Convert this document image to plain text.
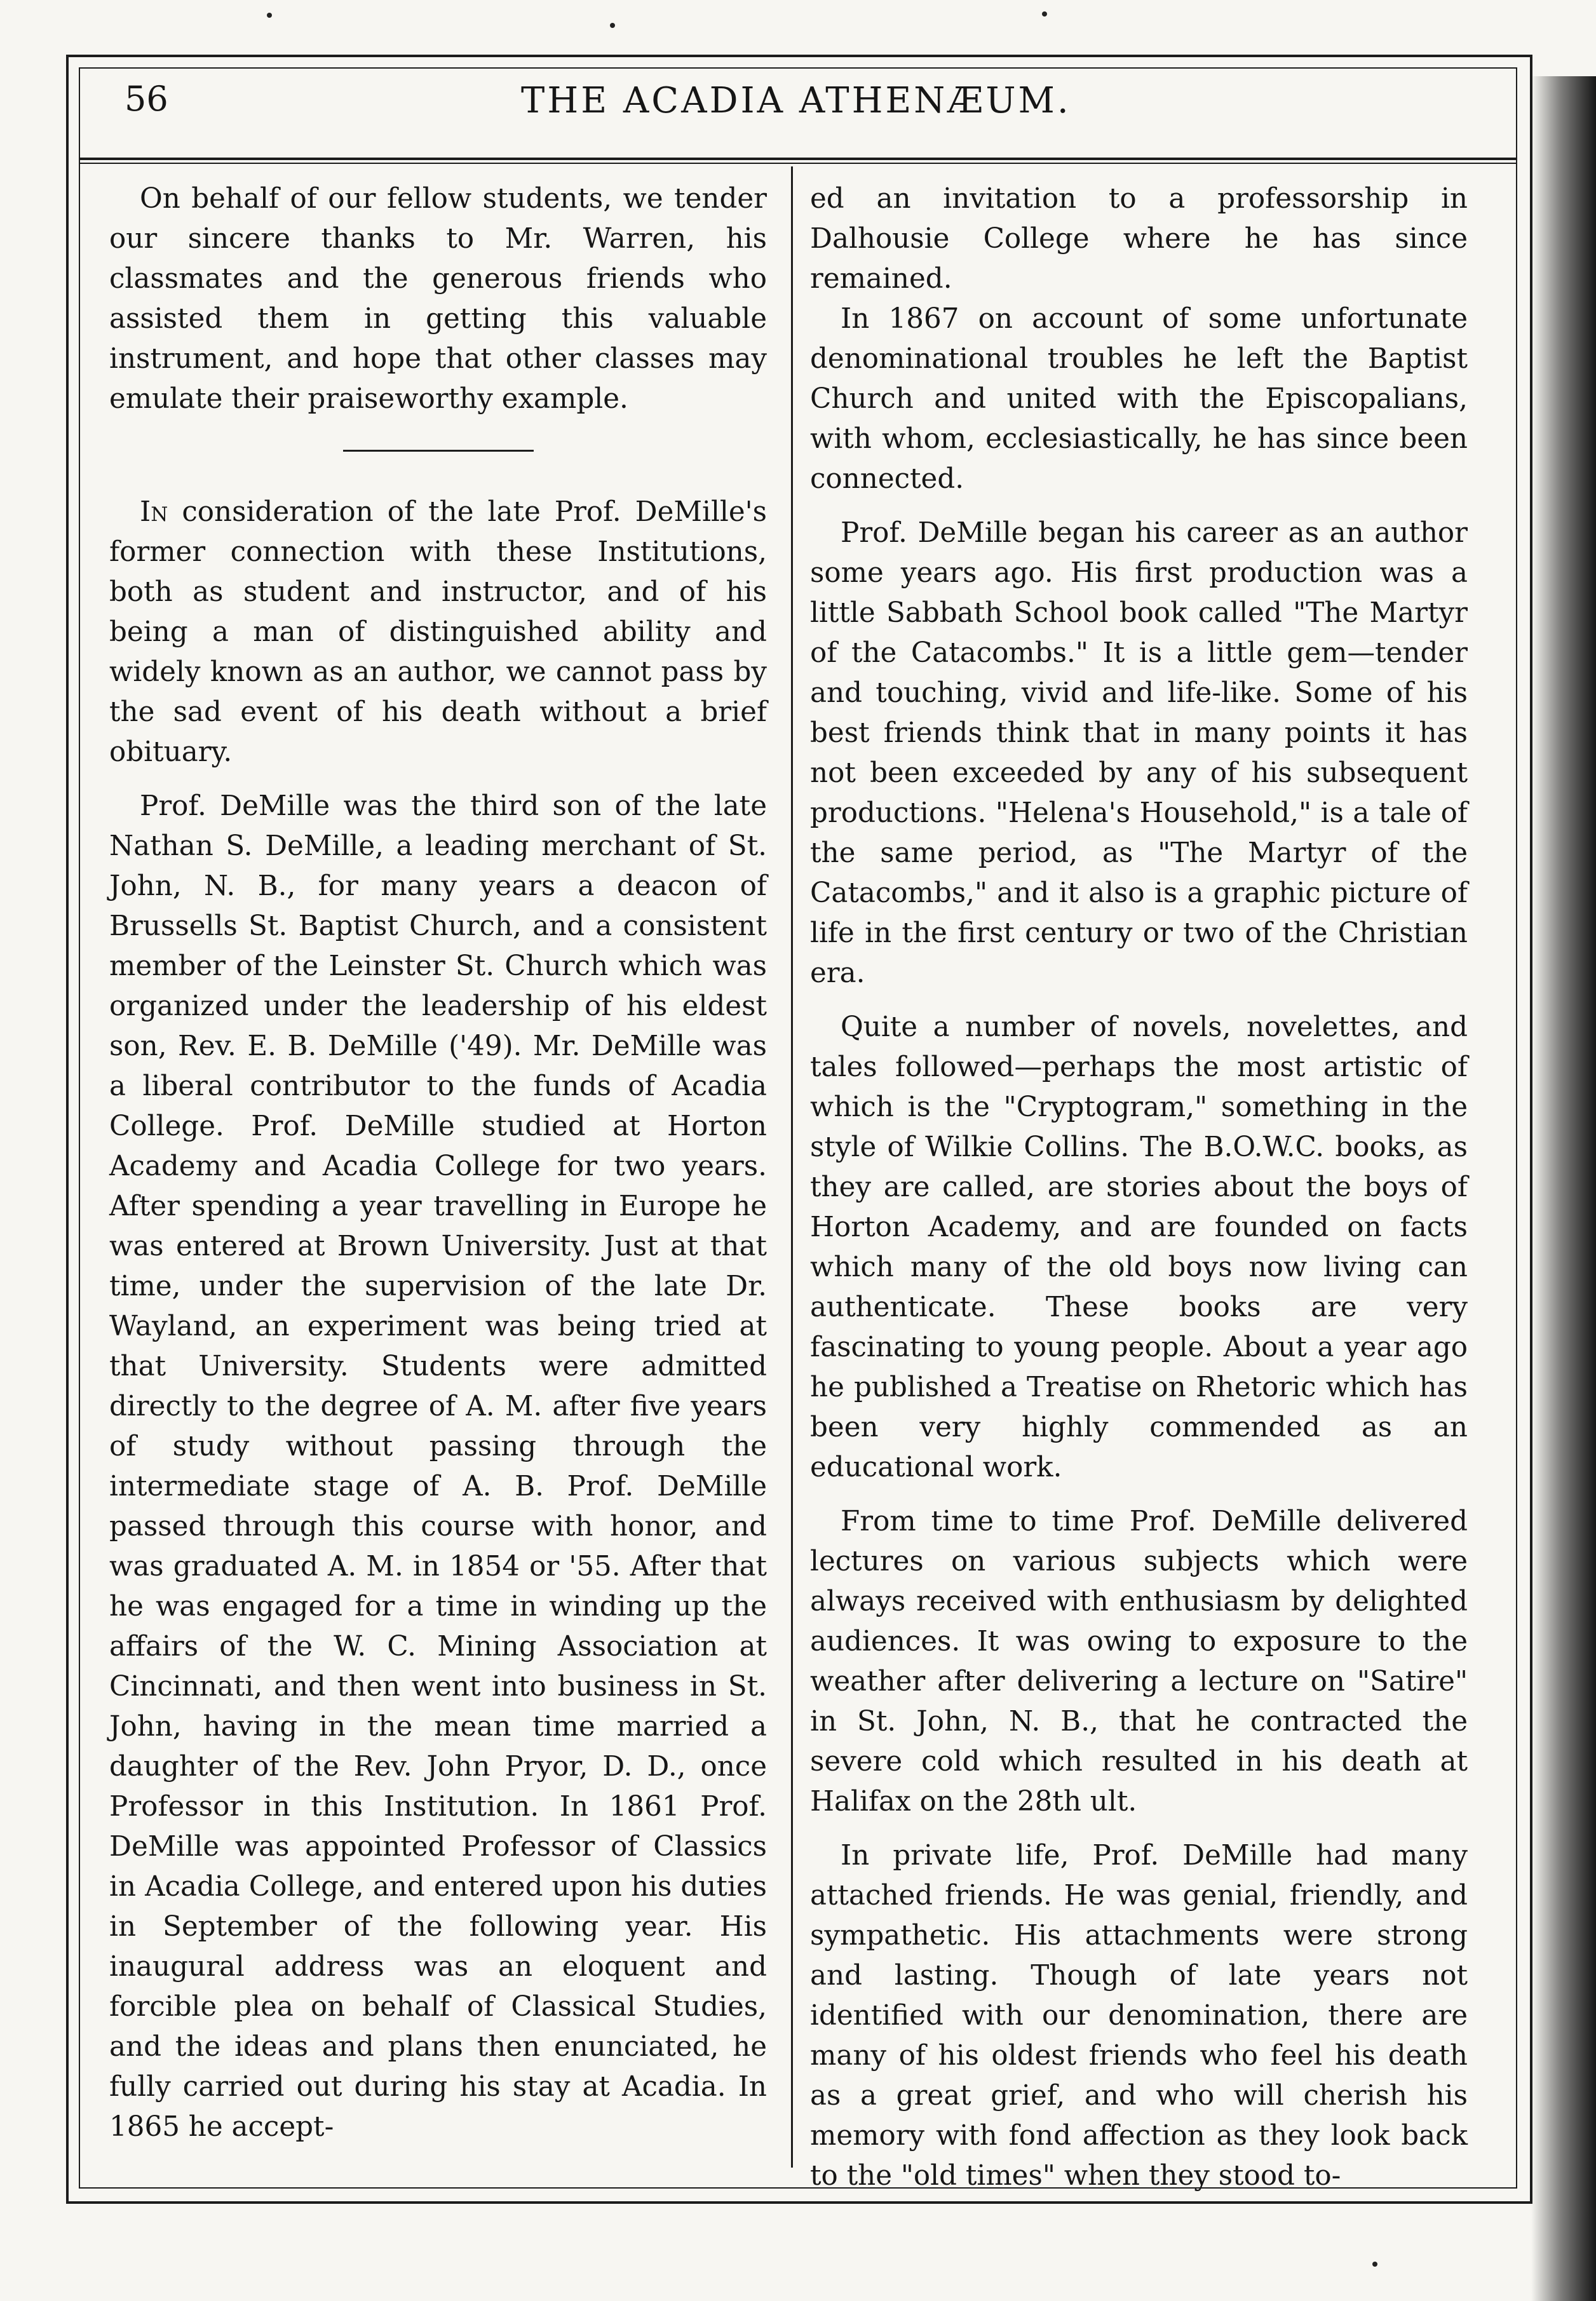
56	THE ACADIA ATHENÆUM.

On behalf of our fellow students, we tender our sincere thanks to Mr. Warren, his classmates and the generous friends who assisted them in getting this valuable instrument, and hope that other classes may emulate their praiseworthy example.

In consideration of the late Prof. DeMille's former connection with these Institutions, both as student and instructor, and of his being a man of distinguished ability and widely known as an author, we cannot pass by the sad event of his death without a brief obituary.

Prof. DeMille was the third son of the late Nathan S. DeMille, a leading merchant of St. John, N. B., for many years a deacon of Brussells St. Baptist Church, and a consistent member of the Leinster St. Church which was organized under the leadership of his eldest son, Rev. E. B. DeMille ('49). Mr. DeMille was a liberal contributor to the funds of Acadia College. Prof. DeMille studied at Horton Academy and Acadia College for two years. After spending a year travelling in Europe he was entered at Brown University. Just at that time, under the supervision of the late Dr. Wayland, an experiment was being tried at that University. Students were admitted directly to the degree of A. M. after five years of study without passing through the intermediate stage of A. B. Prof. DeMille passed through this course with honor, and was graduated A. M. in 1854 or '55. After that he was engaged for a time in winding up the affairs of the W. C. Mining Association at Cincinnati, and then went into business in St. John, having in the mean time married a daughter of the Rev. John Pryor, D. D., once Professor in this Institution. In 1861 Prof. DeMille was appointed Professor of Classics in Acadia College, and entered upon his duties in September of the following year. His inaugural address was an eloquent and forcible plea on behalf of Classical Studies, and the ideas and plans then enunciated, he fully carried out during his stay at Acadia. In 1865 he accept-

ed an invitation to a professorship in Dalhousie College where he has since remained.

In 1867 on account of some unfortunate denominational troubles he left the Baptist Church and united with the Episcopalians, with whom, ecclesiastically, he has since been connected.

Prof. DeMille began his career as an author some years ago. His first production was a little Sabbath School book called "The Martyr of the Catacombs." It is a little gem—tender and touching, vivid and life-like. Some of his best friends think that in many points it has not been exceeded by any of his subsequent productions. "Helena's Household," is a tale of the same period, as "The Martyr of the Catacombs," and it also is a graphic picture of life in the first century or two of the Christian era.

Quite a number of novels, novelettes, and tales followed—perhaps the most artistic of which is the "Cryptogram," something in the style of Wilkie Collins. The B.O.W.C. books, as they are called, are stories about the boys of Horton Academy, and are founded on facts which many of the old boys now living can authenticate. These books are very fascinating to young people. About a year ago he published a Treatise on Rhetoric which has been very highly commended as an educational work.

From time to time Prof. DeMille delivered lectures on various subjects which were always received with enthusiasm by delighted audiences. It was owing to exposure to the weather after delivering a lecture on "Satire" in St. John, N. B., that he contracted the severe cold which resulted in his death at Halifax on the 28th ult.

In private life, Prof. DeMille had many attached friends. He was genial, friendly, and sympathetic. His attachments were strong and lasting. Though of late years not identified with our denomination, there are many of his oldest friends who feel his death as a great grief, and who will cherish his memory with fond affection as they look back to the "old times" when they stood to-
